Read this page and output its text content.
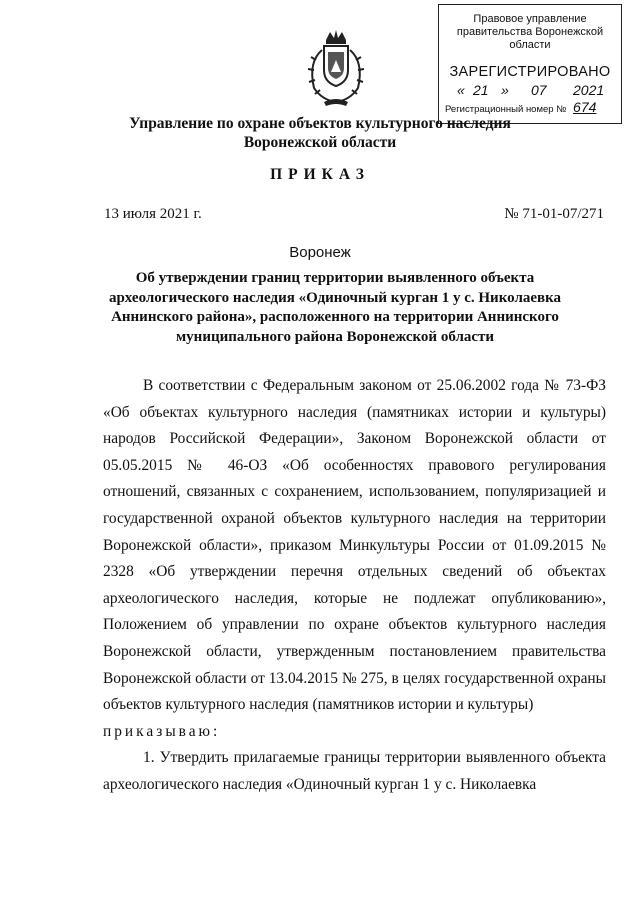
Правовое управление правительства Воронежской области
ЗАРЕГИСТРИРОВАНО
« 21 » 07 2021
Регистрационный номер № 674
Управление по охране объектов культурного наследия
Воронежской области
ПРИКАЗ
13 июля 2021 г.	№ 71-01-07/271
Воронеж
Об утверждении границ территории выявленного объекта археологического наследия «Одиночный курган 1 у с. Николаевка Аннинского района», расположенного на территории Аннинского муниципального района Воронежской области

В соответствии с Федеральным законом от 25.06.2002 года № 73-ФЗ «Об объектах культурного наследия (памятниках истории и культуры) народов Российской Федерации», Законом Воронежской области от 05.05.2015 № 46-ОЗ «Об особенностях правового регулирования отношений, связанных с сохранением, использованием, популяризацией и государственной охраной объектов культурного наследия на территории Воронежской области», приказом Минкультуры России от 01.09.2015 № 2328 «Об утверждении перечня отдельных сведений об объектах археологического наследия, которые не подлежат опубликованию», Положением об управлении по охране объектов культурного наследия Воронежской области, утвержденным постановлением правительства Воронежской области от 13.04.2015 № 275, в целях государственной охраны объектов культурного наследия (памятников истории и культуры)

приказываю:

1. Утвердить прилагаемые границы территории выявленного объекта археологического наследия «Одиночный курган 1 у с. Николаевка
